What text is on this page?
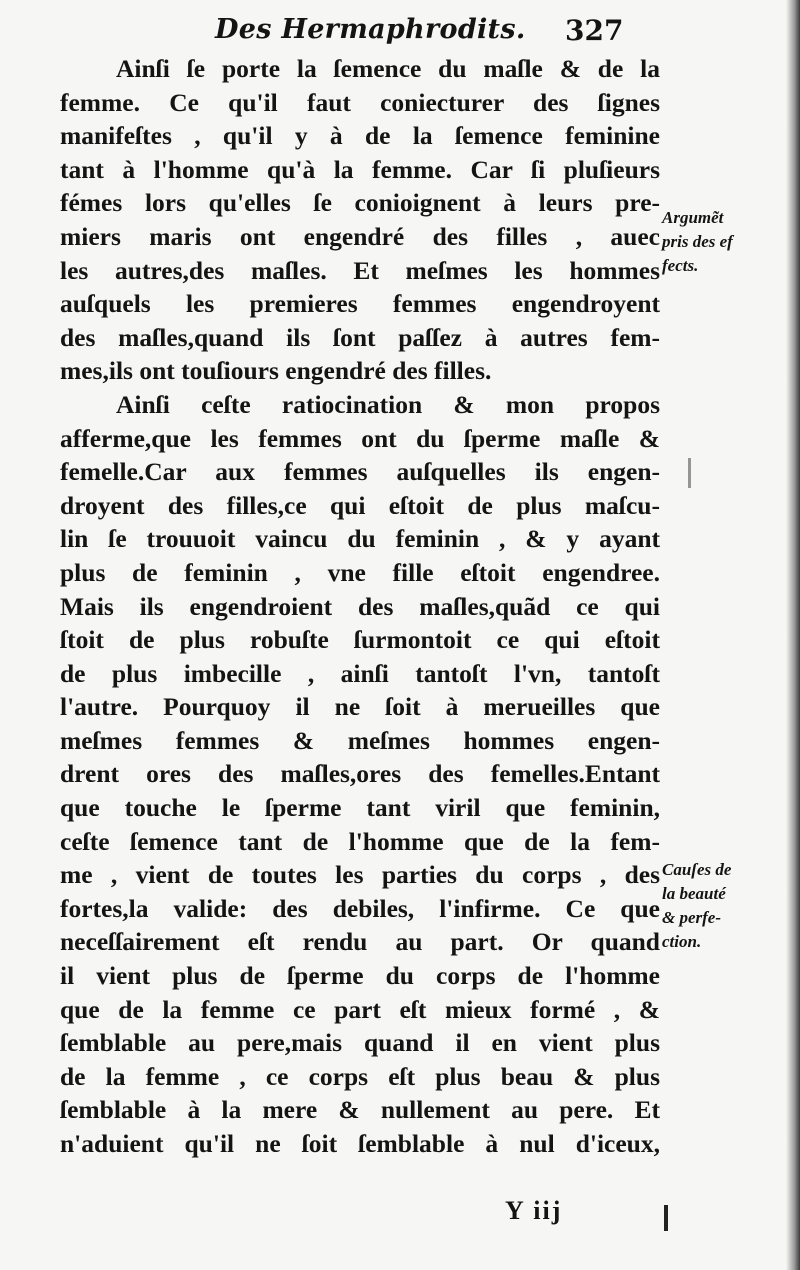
Des Hermaphrodits. 327
Ainſi ſe porte la ſemence du maſle & de la
femme. Ce qu'il faut coniecturer des ſignes
manifeſtes , qu'il y à de la ſemence feminine
tant à l'homme qu'à la femme. Car ſi pluſieurs
fémes lors qu'elles ſe conioignent à leurs pre-
miers maris ont engendré des filles , auec
les autres,des maſles. Et meſmes les hommes
auſquels les premieres femmes engendroyent
des maſles,quand ils ſont paſſez à autres fem-
mes,ils ont touſiours engendré des filles.
Ainſi ceſte ratiocination & mon propos
afferme,que les femmes ont du ſperme maſle &
femelle.Car aux femmes auſquelles ils engen-
droyent des filles,ce qui eſtoit de plus maſcu-
lin ſe trouuoit vaincu du feminin , & y ayant
plus de feminin , vne fille eſtoit engendree.
Mais ils engendroient des maſles,quãd ce qui
ſtoit de plus robuſte ſurmontoit ce qui eſtoit
de plus imbecille , ainſi tantoſt l'vn, tantoſt
l'autre. Pourquoy il ne ſoit à merueilles que
meſmes femmes & meſmes hommes engen-
drent ores des maſles,ores des femelles.Entant
que touche le ſperme tant viril que feminin,
ceſte ſemence tant de l'homme que de la fem-
me , vient de toutes les parties du corps , des
fortes,la valide: des debiles, l'infirme. Ce que
neceſſairement eſt rendu au part. Or quand
il vient plus de ſperme du corps de l'homme
que de la femme ce part eſt mieux formé , &
ſemblable au pere,mais quand il en vient plus
de la femme , ce corps eſt plus beau & plus
ſemblable à la mere & nullement au pere. Et
n'aduient qu'il ne ſoit ſemblable à nul d'iceux,
Argumẽt
pris des ef
fects.
Cauſes de
la beauté
& perfe-
ction.
Y iij
